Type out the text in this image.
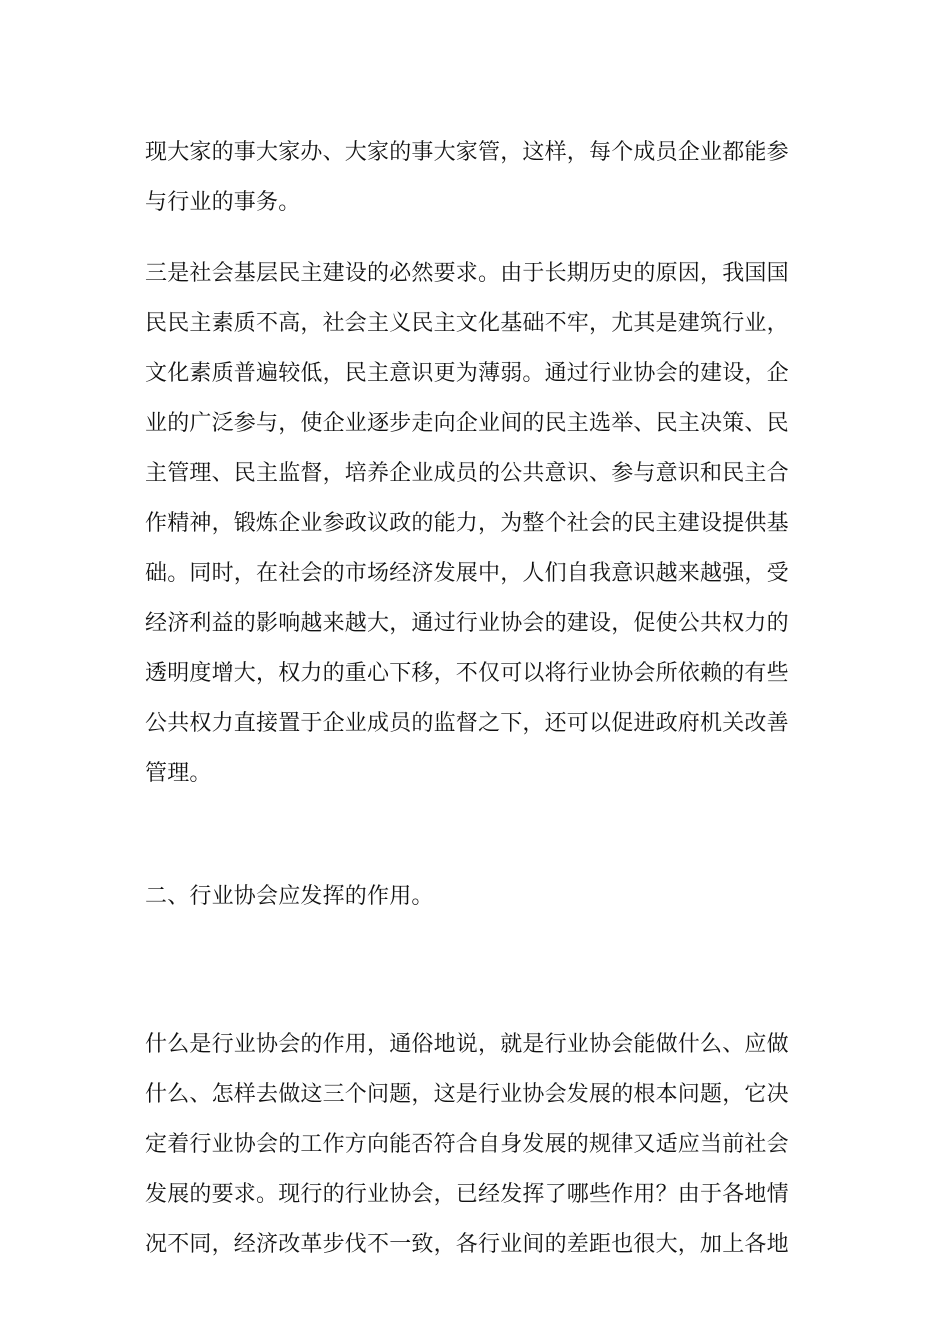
现大家的事大家办、大家的事大家管，这样，每个成员企业都能参
与行业的事务。
三是社会基层民主建设的必然要求。由于长期历史的原因，我国国
民民主素质不高，社会主义民主文化基础不牢，尤其是建筑行业，
文化素质普遍较低，民主意识更为薄弱。通过行业协会的建设，企
业的广泛参与，使企业逐步走向企业间的民主选举、民主决策、民
主管理、民主监督，培养企业成员的公共意识、参与意识和民主合
作精神，锻炼企业参政议政的能力，为整个社会的民主建设提供基
础。同时，在社会的市场经济发展中，人们自我意识越来越强，受
经济利益的影响越来越大，通过行业协会的建设，促使公共权力的
透明度增大，权力的重心下移，不仅可以将行业协会所依赖的有些
公共权力直接置于企业成员的监督之下，还可以促进政府机关改善
管理。
二、行业协会应发挥的作用。
什么是行业协会的作用，通俗地说，就是行业协会能做什么、应做
什么、怎样去做这三个问题，这是行业协会发展的根本问题，它决
定着行业协会的工作方向能否符合自身发展的规律又适应当前社会
发展的要求。现行的行业协会，已经发挥了哪些作用？由于各地情
况不同，经济改革步伐不一致，各行业间的差距也很大，加上各地
